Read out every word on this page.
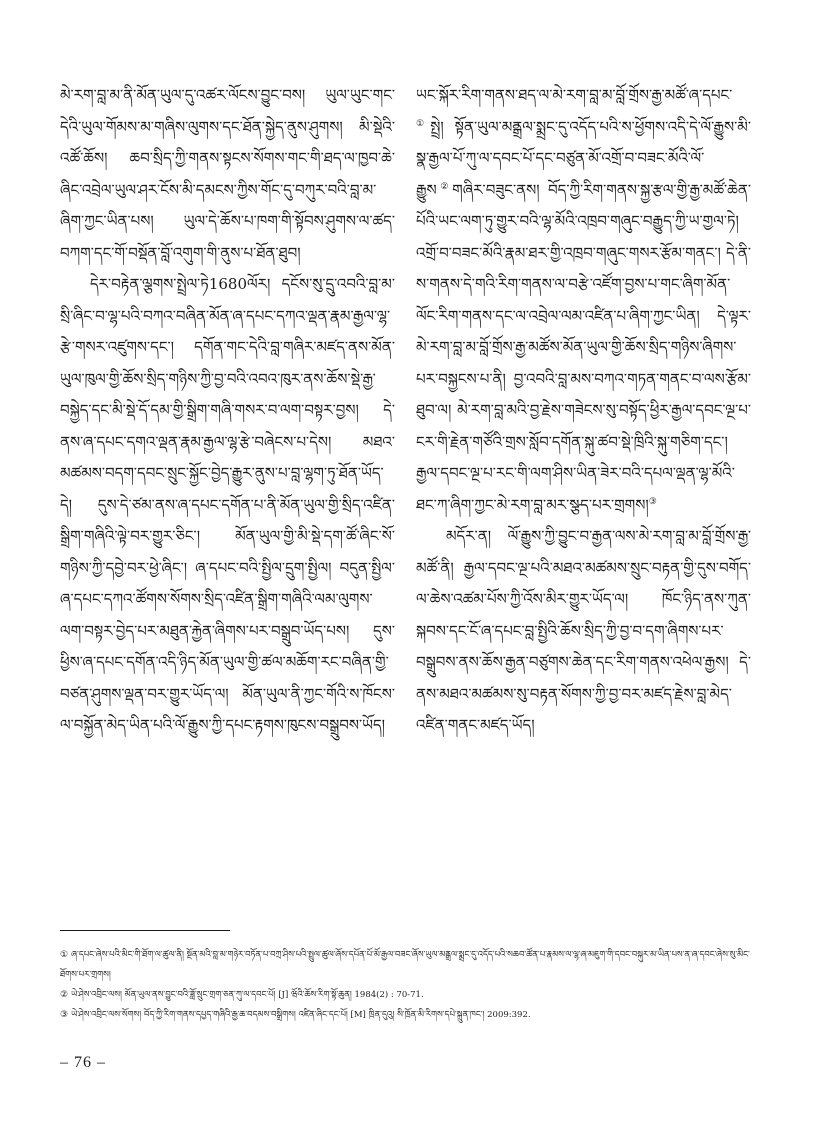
མེ་རག་བླ་མ་ནི་མོན་ཡུལ་དུ་འཚར་ལོངས་བྱུང་བས། ཡུལ་ཡུང་གང་དེའི་ཡུལ་གོམས་མ་གཞིས་ལུགས་དང་ཐོན་སྐྱེད་ནུས་ཤུགས། མི་སྡེའི་འཚོ་ཆོས། ཆབ་སྲིད་ཀྱི་གནས་སྟངས་སོགས་གང་གི་ཐད་ལ་ཁྱབ་ཆེ་ཞིང་འབྲེལ་ཡུལ་ཤར་ངོས་མི་དམངས་ཀྱིས་གོང་དུ་བཀུར་བའི་བླ་མ་ཞིག་ཀྱང་ཡིན་པས། ཡུལ་དེ་ཆོས་པ་ཁག་གི་སྟོབས་ཤུགས་ལ་ཚད་བཀག་དང་གོ་བསྡོན་བློ་འགུག་གི་ནུས་པ་ཐོན་ཐུབ།

དེར་བརྟེན་ལྕགས་སྤྲེལ་ཏེ1680ལོར། དངོས་སུ་དྲུ་འབའི་བླ་མ་སྲི་ཞིང་བ་ལྷ་པའི་བཀའ་བཞིན་མོན་ཞ་དཔང་དཀའ་ལྡན་རྣམ་རྒྱལ་ལྷ་རྩེ་གསར་འཛུགས་དང་། དགོན་གང་དེའི་བླ་གཞིར་མཛད་ནས་མོན་ཡུལ་ཁུལ་གྱི་ཆོས་སྲིད་གཉིས་ཀྱི་བྱ་བའི་འབའ་ཁུར་ནས་ཆོས་སྡེ་རྒྱ་བསྐྱེད་དང་མི་སྡེ་དོ་དམ་གྱི་སྒྲིག་གཞི་གསར་བ་ལག་བསྟར་བྱས། དེ་ནས་ཞ་དཔང་དགའ་ལྡན་རྣམ་རྒྱལ་ལྷ་རྩེ་བཞེངས་པ་དེས། མཐའ་མཚམས་བདག་དབང་སྲུང་སྐྱོང་བྱེད་རྒྱུར་ནུས་པ་བླ་ལྷག་ཏུ་ཐོན་ཡོད་དེ། དུས་དེ་ཙམ་ནས་ཞ་དཔང་དགོན་པ་ནི་མོན་ཡུལ་གྱི་སྲིད་འཛིན་སྒྲིག་གཞིའི་ལྟེ་བར་གྱུར་ཅིང་། མོན་ཡུལ་གྱི་མི་སྡེ་དག་ཚོ་ཞིང་སོ་གཉིས་ཀྱི་དབྱེ་བར་ཕྱེ་ཞིང་། ཞ་དཔང་བའི་སྤྱིལ་དྲུག་སྤྱིལ། བདུན་སྤྱིལ་ཞ་དཔང་དཀའ་ཚོགས་སོགས་སྲིད་འཛིན་སྒྲིག་གཞིའི་ལམ་ལུགས་ལག་བསྟར་བྱེད་པར་མཐུན་རྐྱེན་ཞིགས་པར་བསྒྲུབ་ཡོད་པས། དུས་ཕྱིས་ཞ་དཔང་དགོན་འདི་ཉིད་མོན་ཡུལ་གྱི་ཚལ་མཆོག་རང་བཞིན་གྱི་བཙན་ཤུགས་ལྡན་བར་གྱུར་ཡོད་ལ། མོན་ཡུལ་ནི་ཀྱང་གོའི་ས་ཁོངས་ལ་བསྐྱོན་མེད་ཡིན་པའི་ལོ་རྒྱུས་ཀྱི་དཔང་རྟགས་ཁུངས་བསྒྲུབས་ཡོད།

ཡང་སྐོར་རིག་གནས་ཐད་ལ་མེ་རག་བླ་མ་བློ་གྲོས་རྒྱ་མཚོ་ཞ་དཔང་①སྤྲེ། སྟོན་ཡུལ་མནྒྲལ་སྨྲང་དུ་འདོད་པའི་ས་ཕྱོགས་འདི་དེ་ལོ་རྒྱུས་མི་སྣ་རྒྱལ་པོ་ཀུ་ལ་དབང་པོ་དང་བཙུན་མོ་འགྲོ་བ་བཟང་མོའི་ལོ་རྒྱུས②གཞིར་བཟུང་ནས། བོད་ཀྱི་རིག་གནས་སྐྱ་རྩལ་གྱི་རྒྱ་མཚོ་ཆེན་པོའི་ཡང་ལག་ཏུ་གྱུར་བའི་ལྷ་མོའི་འཁྲབ་གཞུང་བརྒྱུད་ཀྱི་ཡ་གྱལ་ཏེ། འགྲོ་བ་བཟང་མོའི་རྣམ་ཐར་གྱི་འཁྲབ་གཞུང་གསར་རྩོམ་གནང་། དེ་ནི་ས་གནས་དེ་གའི་རིག་གནས་ལ་བརྩེ་འཛོག་བྱས་པ་གང་ཞིག་མོན་ལོང་རིག་གནས་དང་ལ་འབྲེལ་ལམ་འཛིན་པ་ཞིག་ཀྱང་ཡིན། དེ་ལྟར་མེ་རག་བླ་མ་བློ་གྲོས་རྒྱ་མཚོས་མོན་ཡུལ་གྱི་ཆོས་སྲིད་གཉིས་ཞིགས་པར་བསྐྱངས་པ་ནི། བྱ་འབའི་བླ་མས་བཀའ་གཏན་གནང་བ་ལས་རྩོམ་ཐུབ་ལ། མེ་རག་བླ་མའི་བྱ་རྗེས་གཟེངས་སུ་བསྟོད་ཕྱིར་རྒྱལ་དབང་ལྔ་པ་ངར་གི་རྗེན་གཙོའི་གྲས་སློབ་དགོན་སྐུ་ཚབ་སྡེ་ཁྲིའི་སྐུ་གཅིག་དང་། རྒྱལ་དབང་ལྔ་པ་རང་གི་ལག་ཤིས་ཡིན་ཟེར་བའི་དཔལ་ལྡན་ལྷ་མོའི་ཐང་ཀ་ཞིག་ཀྱང་མེ་རག་བླ་མར་སྩད་པར་གྲགས།③

མདོར་ན། ལོ་རྒྱུས་ཀྱི་བྱུང་བ་རྒྱན་ལས་མེ་རག་བླ་མ་བློ་གྲོས་རྒྱ་མཚོ་ནི། རྒྱལ་དབང་ལྔ་པའི་མཐའ་མཚམས་སྲུང་བརྟན་གྱི་དུས་བགོད་ལ་ཆེས་འཚམ་པོས་ཀྱི་འོས་མིར་གྱུར་ཡོད་ལ། ཁོང་ཉིད་ནས་ཀུན་སྐབས་དང་ངོ་ཞ་དཔང་བླ་སྤྱིའི་ཆོས་སྲིད་ཀྱི་བྱ་བ་དག་ཞིགས་པར་བསྒྲུབས་ནས་ཆོས་རྒྱན་བཙུགས་ཆེན་དང་རིག་གནས་འཕེལ་རྒྱས། དེ་ནས་མཐའ་མཚམས་སུ་བརྟན་སོགས་ཀྱི་བྱ་བར་མཛད་རྗེས་བླ་མེད་འཛིན་གནང་མཛད་ཡོད།

① ཞ་དཔང་ཞེས་པའི་མིང་གི་ཐོག་ལ་ཚུལ་ནི། སྔོན་མའི་བླ་མ་གཉེར་བཏོན་པ་བཀྲ་ཤིས་པའི་སྤྲུལ་ཚུལ་ཞོས་དཔོན་པོ་མོ་རྒྱལ་བཟང་ཞོས་ཡུལ་མནྒྲལ་སྨྲང་དུ་འདོད་པའི་སཆབ་ཚོན་པ་རྣམས་ལ་ལྷ་ཞ་མཇུག་གི་དབང་བསྐུར་མ་ཡིན་པས་ན་ཞ་དབང་ཞེས་སུ་མིང་ཐོགས་པར་གྲགས།

② ཡེ་ཤེས་འབྲིང་ལས། མོན་ཡུལ་ནས་བྱུང་བའི་ཟློ་སྲུང་གྲག་ཅན་ཀུ་ལ་དབང་པོ། [J] ཝོའི་ཆོས་རིག་སྟོ་ཆུན། 1984(2) : 70-71.

③ ཡེ་ཤེས་འབྲིང་ལས་སོགས། བོད་ཀྱི་རིག་གནས་དཔྱད་གཞིའི་རྒྱ་ཆ་བདམས་བསྒྲིགས། འཛིན་ཞིང་དང་པོ། [M] ཁྲིན་དུའུ། སི་ཁྲོན་མི་རིགས་དཔེ་སྐྲུན་ཁང་། 2009:392.

– 76 –
